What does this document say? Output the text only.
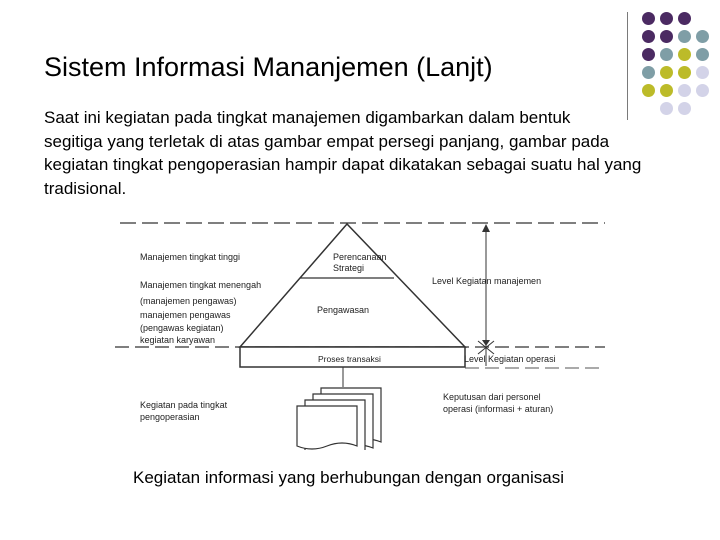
Sistem Informasi Mananjemen (Lanjt)
Saat ini kegiatan pada tingkat manajemen digambarkan dalam bentuk
segitiga yang terletak di atas gambar empat persegi panjang, gambar pada
kegiatan tingkat pengoperasian hampir dapat dikatakan sebagai suatu hal yang
tradisional.
Manajemen tingkat tinggi
Manajemen tingkat menengah
(manajemen pengawas)
manajemen pengawas
(pengawas kegiatan)
kegiatan karyawan
Kegiatan pada tingkat
pengoperasian
Perencanaan
Strategi
Pengawasan
Proses transaksi
Level Kegiatan manajemen
Level Kegiatan operasi
Keputusan dari personel
operasi (informasi + aturan)
Kegiatan informasi yang berhubungan dengan organisasi
